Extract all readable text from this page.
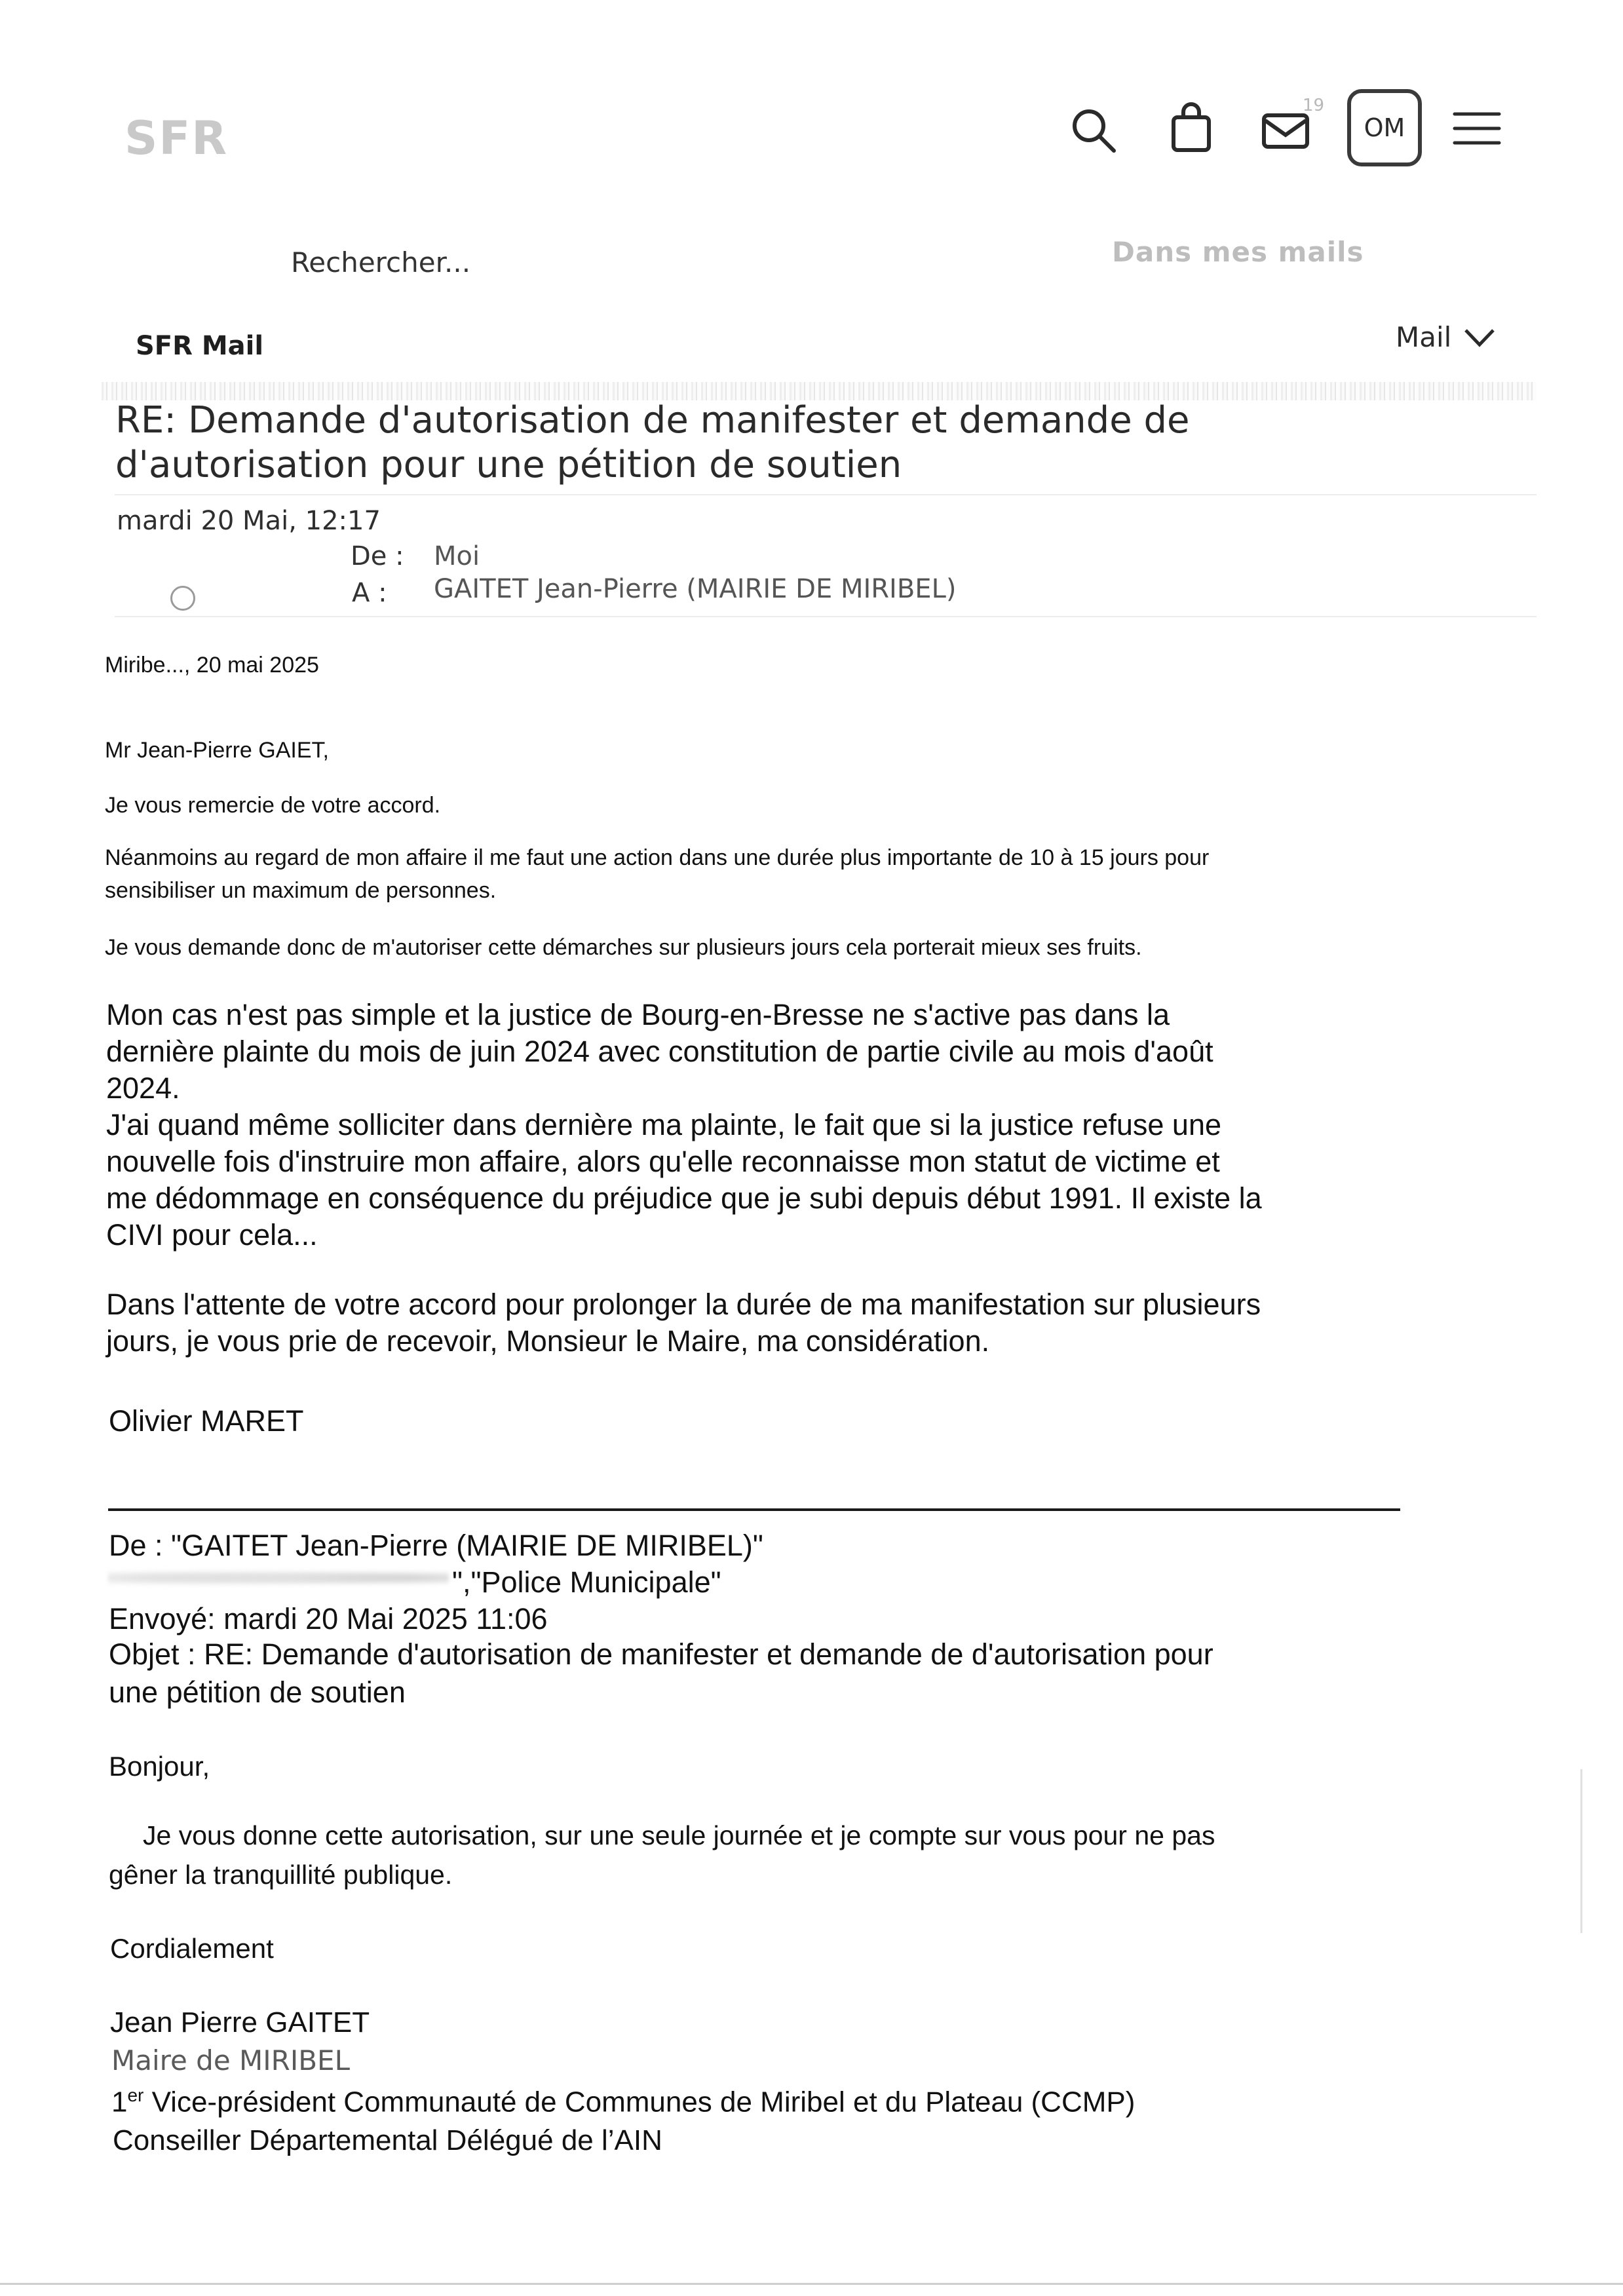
SFR
19
OM
Rechercher...
Dans mes mails
SFR Mail	Mail
RE: Demande d'autorisation de manifester et demande de d'autorisation pour une pétition de soutien
mardi 20 Mai, 12:17
De : Moi
A : GAITET Jean-Pierre (MAIRIE DE MIRIBEL)
Miribe..., 20 mai 2025
Mr Jean-Pierre GAIET,
Je vous remercie de votre accord.
Néanmoins au regard de mon affaire il me faut une action dans une durée plus importante de 10 à 15 jours pour
sensibiliser un maximum de personnes.
Je vous demande donc de m'autoriser cette démarches sur plusieurs jours cela porterait mieux ses fruits.
Mon cas n'est pas simple et la justice de Bourg-en-Bresse ne s'active pas dans la
dernière plainte du mois de juin 2024 avec constitution de partie civile au mois d'août
2024.
J'ai quand même solliciter dans dernière ma plainte, le fait que si la justice refuse une
nouvelle fois d'instruire mon affaire, alors qu'elle reconnaisse mon statut de victime et
me dédommage en conséquence du préjudice que je subi depuis début 1991. Il existe la
CIVI pour cela...
Dans l'attente de votre accord pour prolonger la durée de ma manifestation sur plusieurs
jours, je vous prie de recevoir, Monsieur le Maire, ma considération.
Olivier MARET
De : "GAITET Jean-Pierre (MAIRIE DE MIRIBEL)"
","Police Municipale"
Envoyé: mardi 20 Mai 2025 11:06
Objet : RE: Demande d'autorisation de manifester et demande de d'autorisation pour
une pétition de soutien
Bonjour,
Je vous donne cette autorisation, sur une seule journée et je compte sur vous pour ne pas
gêner la tranquillité publique.
Cordialement
Jean Pierre GAITET
Maire de MIRIBEL
1er Vice-président Communauté de Communes de Miribel et du Plateau (CCMP)
Conseiller Départemental Délégué de l’AIN
